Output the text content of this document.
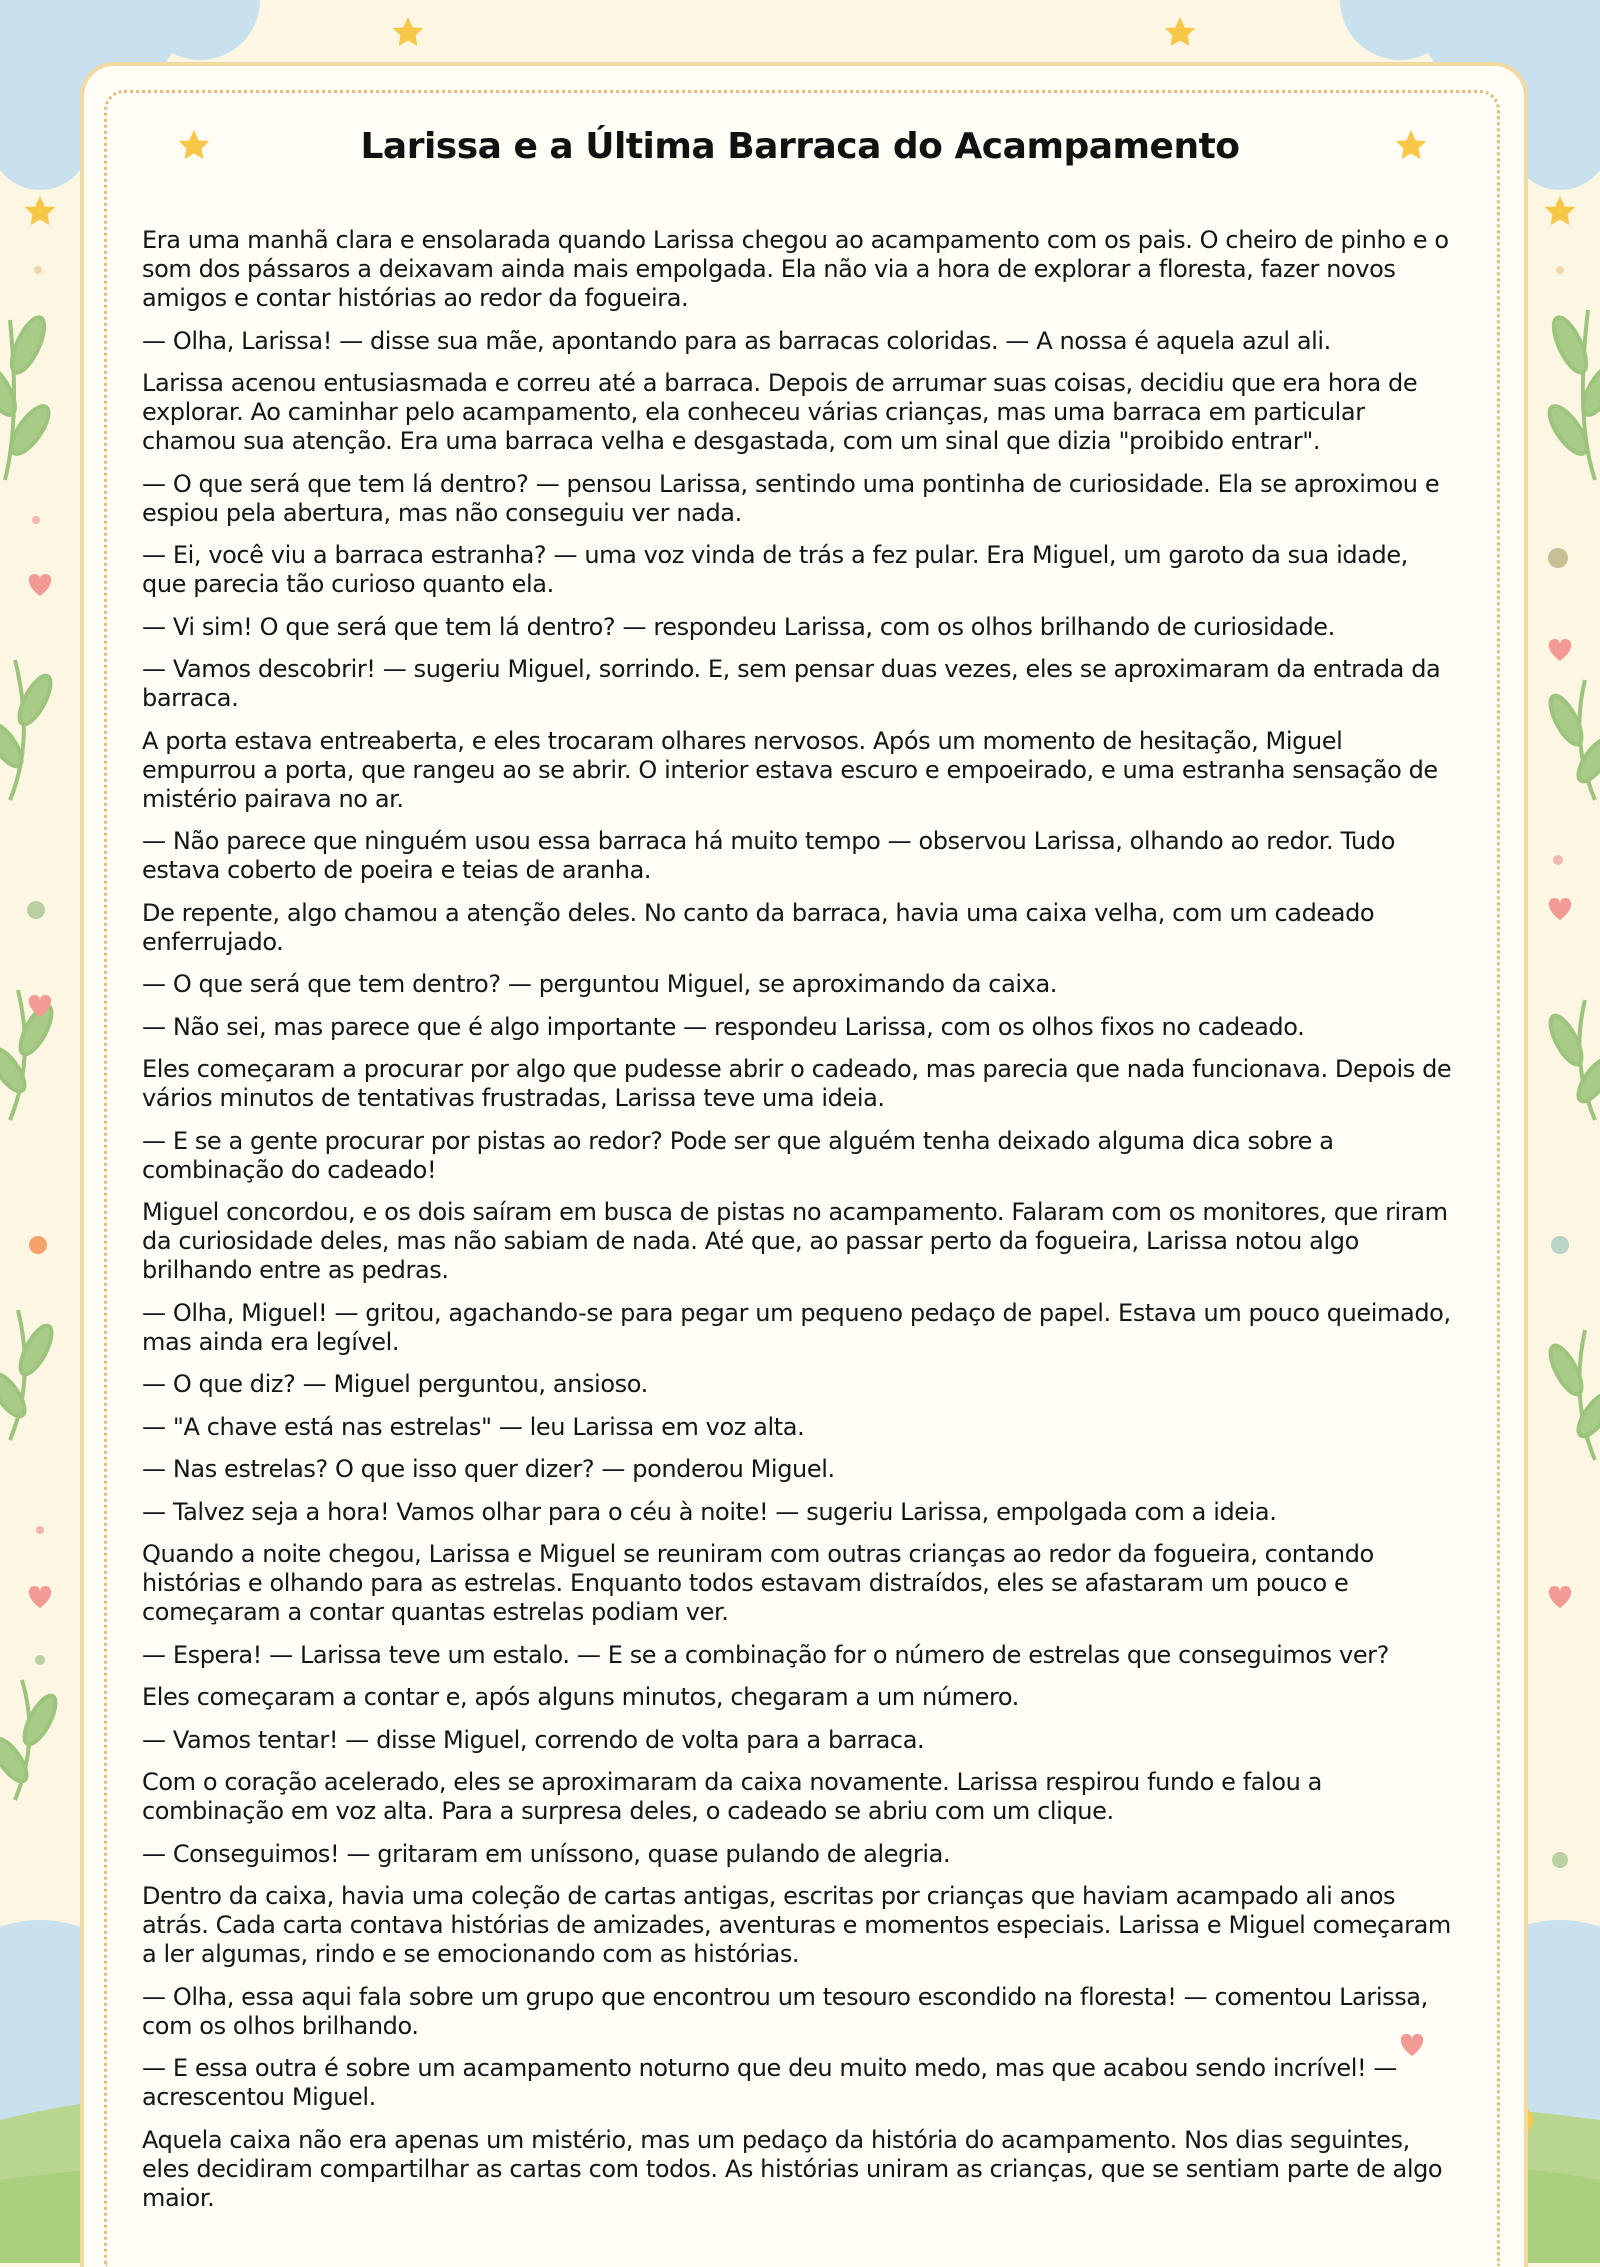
Larissa e a Última Barraca do Acampamento

Era uma manhã clara e ensolarada quando Larissa chegou ao acampamento com os pais. O cheiro de pinho e o som dos pássaros a deixavam ainda mais empolgada. Ela não via a hora de explorar a floresta, fazer novos amigos e contar histórias ao redor da fogueira.

— Olha, Larissa! — disse sua mãe, apontando para as barracas coloridas. — A nossa é aquela azul ali.

Larissa acenou entusiasmada e correu até a barraca. Depois de arrumar suas coisas, decidiu que era hora de explorar. Ao caminhar pelo acampamento, ela conheceu várias crianças, mas uma barraca em particular chamou sua atenção. Era uma barraca velha e desgastada, com um sinal que dizia "proibido entrar".

— O que será que tem lá dentro? — pensou Larissa, sentindo uma pontinha de curiosidade. Ela se aproximou e espiou pela abertura, mas não conseguiu ver nada.

— Ei, você viu a barraca estranha? — uma voz vinda de trás a fez pular. Era Miguel, um garoto da sua idade, que parecia tão curioso quanto ela.

— Vi sim! O que será que tem lá dentro? — respondeu Larissa, com os olhos brilhando de curiosidade.

— Vamos descobrir! — sugeriu Miguel, sorrindo. E, sem pensar duas vezes, eles se aproximaram da entrada da barraca.

A porta estava entreaberta, e eles trocaram olhares nervosos. Após um momento de hesitação, Miguel empurrou a porta, que rangeu ao se abrir. O interior estava escuro e empoeirado, e uma estranha sensação de mistério pairava no ar.

— Não parece que ninguém usou essa barraca há muito tempo — observou Larissa, olhando ao redor. Tudo estava coberto de poeira e teias de aranha.

De repente, algo chamou a atenção deles. No canto da barraca, havia uma caixa velha, com um cadeado enferrujado.

— O que será que tem dentro? — perguntou Miguel, se aproximando da caixa.

— Não sei, mas parece que é algo importante — respondeu Larissa, com os olhos fixos no cadeado.

Eles começaram a procurar por algo que pudesse abrir o cadeado, mas parecia que nada funcionava. Depois de vários minutos de tentativas frustradas, Larissa teve uma ideia.

— E se a gente procurar por pistas ao redor? Pode ser que alguém tenha deixado alguma dica sobre a combinação do cadeado!

Miguel concordou, e os dois saíram em busca de pistas no acampamento. Falaram com os monitores, que riram da curiosidade deles, mas não sabiam de nada. Até que, ao passar perto da fogueira, Larissa notou algo brilhando entre as pedras.

— Olha, Miguel! — gritou, agachando-se para pegar um pequeno pedaço de papel. Estava um pouco queimado, mas ainda era legível.

— O que diz? — Miguel perguntou, ansioso.

— "A chave está nas estrelas" — leu Larissa em voz alta.

— Nas estrelas? O que isso quer dizer? — ponderou Miguel.

— Talvez seja a hora! Vamos olhar para o céu à noite! — sugeriu Larissa, empolgada com a ideia.

Quando a noite chegou, Larissa e Miguel se reuniram com outras crianças ao redor da fogueira, contando histórias e olhando para as estrelas. Enquanto todos estavam distraídos, eles se afastaram um pouco e começaram a contar quantas estrelas podiam ver.

— Espera! — Larissa teve um estalo. — E se a combinação for o número de estrelas que conseguimos ver?

Eles começaram a contar e, após alguns minutos, chegaram a um número.

— Vamos tentar! — disse Miguel, correndo de volta para a barraca.

Com o coração acelerado, eles se aproximaram da caixa novamente. Larissa respirou fundo e falou a combinação em voz alta. Para a surpresa deles, o cadeado se abriu com um clique.

— Conseguimos! — gritaram em uníssono, quase pulando de alegria.

Dentro da caixa, havia uma coleção de cartas antigas, escritas por crianças que haviam acampado ali anos atrás. Cada carta contava histórias de amizades, aventuras e momentos especiais. Larissa e Miguel começaram a ler algumas, rindo e se emocionando com as histórias.

— Olha, essa aqui fala sobre um grupo que encontrou um tesouro escondido na floresta! — comentou Larissa, com os olhos brilhando.

— E essa outra é sobre um acampamento noturno que deu muito medo, mas que acabou sendo incrível! — acrescentou Miguel.

Aquela caixa não era apenas um mistério, mas um pedaço da história do acampamento. Nos dias seguintes, eles decidiram compartilhar as cartas com todos. As histórias uniram as crianças, que se sentiam parte de algo maior.
